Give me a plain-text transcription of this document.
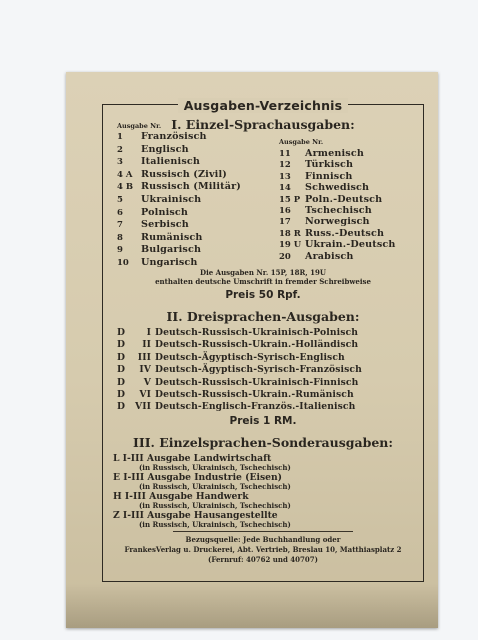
Ausgaben-Verzeichnis
I. Einzel-Sprachausgaben:
Ausgabe Nr.
Ausgabe Nr.
1 Französisch
2 Englisch
3 Italienisch
4 A Russisch (Zivil)
4 B Russisch (Militär)
5 Ukrainisch
6 Polnisch
7 Serbisch
8 Rumänisch
9 Bulgarisch
10 Ungarisch
11 Armenisch
12 Türkisch
13 Finnisch
14 Schwedisch
15 P Poln.-Deutsch
16 Tschechisch
17 Norwegisch
18 R Russ.-Deutsch
19 U Ukrain.-Deutsch
20 Arabisch
Die Ausgaben Nr. 15P, 18R, 19U
enthalten deutsche Umschrift in fremder Schreibweise
Preis 50 Rpf.
II. Dreisprachen-Ausgaben:
D I Deutsch-Russisch-Ukrainisch-Polnisch
D II Deutsch-Russisch-Ukrain.-Holländisch
D III Deutsch-Ägyptisch-Syrisch-Englisch
D IV Deutsch-Ägyptisch-Syrisch-Französisch
D V Deutsch-Russisch-Ukrainisch-Finnisch
D VI Deutsch-Russisch-Ukrain.-Rumänisch
D VII Deutsch-Englisch-Französ.-Italienisch
Preis 1 RM.
III. Einzelsprachen-Sonderausgaben:
L I-III Ausgabe Landwirtschaft
(in Russisch, Ukrainisch, Tschechisch)
E I-III Ausgabe Industrie (Eisen)
(in Russisch, Ukrainisch, Tschechisch)
H I-III Ausgabe Handwerk
(in Russisch, Ukrainisch, Tschechisch)
Z I-III Ausgabe Hausangestellte
(in Russisch, Ukrainisch, Tschechisch)
Bezugsquelle: Jede Buchhandlung oder
FrankesVerlag u. Druckerei, Abt. Vertrieb, Breslau 10, Matthiasplatz 2
(Fernruf: 40762 und 40707)
